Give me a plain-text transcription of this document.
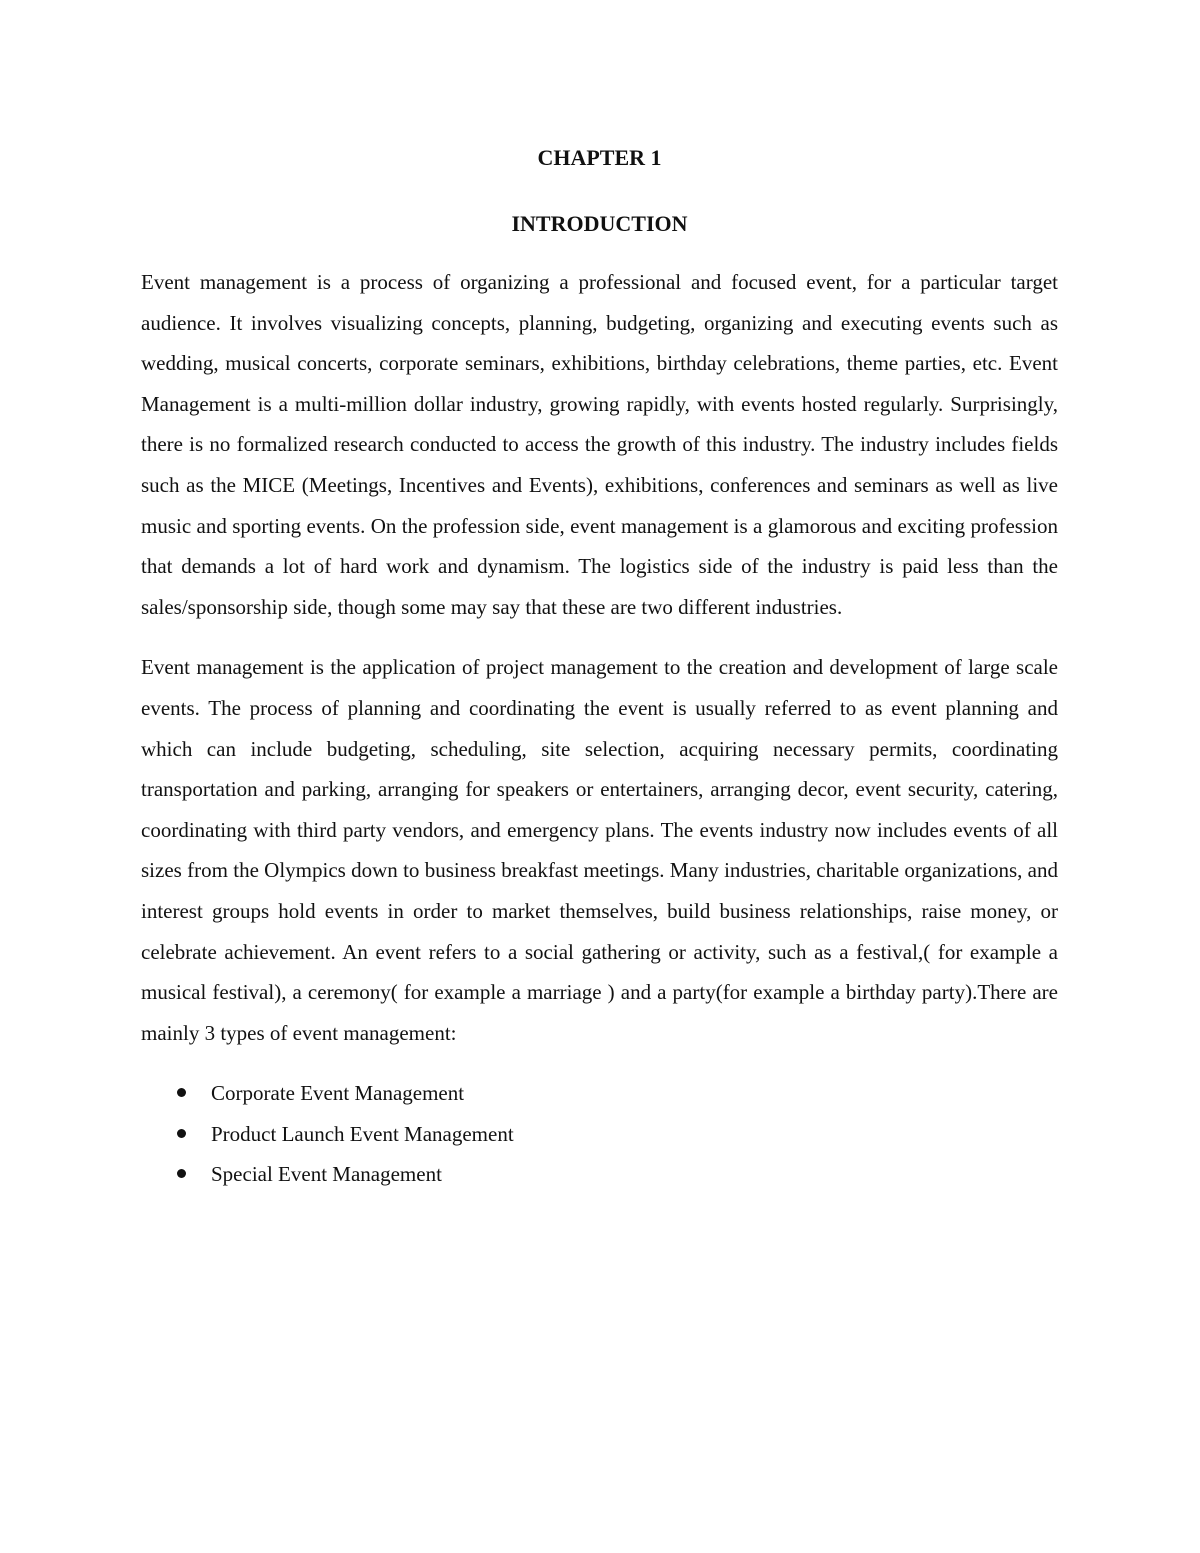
CHAPTER 1
INTRODUCTION

Event management is a process of organizing a professional and focused event, for a particular target audience. It involves visualizing concepts, planning, budgeting, organizing and executing events such as wedding, musical concerts, corporate seminars, exhibitions, birthday celebrations, theme parties, etc. Event Management is a multi-million dollar industry, growing rapidly, with events hosted regularly. Surprisingly, there is no formalized research conducted to access the growth of this industry. The industry includes fields such as the MICE (Meetings, Incentives and Events), exhibitions, conferences and seminars as well as live music and sporting events. On the profession side, event management is a glamorous and exciting profession that demands a lot of hard work and dynamism. The logistics side of the industry is paid less than the sales/sponsorship side, though some may say that these are two different industries.

Event management is the application of project management to the creation and development of large scale events. The process of planning and coordinating the event is usually referred to as event planning and which can include budgeting, scheduling, site selection, acquiring necessary permits, coordinating transportation and parking, arranging for speakers or entertainers, arranging decor, event security, catering, coordinating with third party vendors, and emergency plans. The events industry now includes events of all sizes from the Olympics down to business breakfast meetings. Many industries, charitable organizations, and interest groups hold events in order to market themselves, build business relationships, raise money, or celebrate achievement. An event refers to a social gathering or activity, such as a festival,( for example a musical festival), a ceremony( for example a marriage ) and a party(for example a birthday party).There are mainly 3 types of event management:

Corporate Event Management
Product Launch Event Management
Special Event Management
